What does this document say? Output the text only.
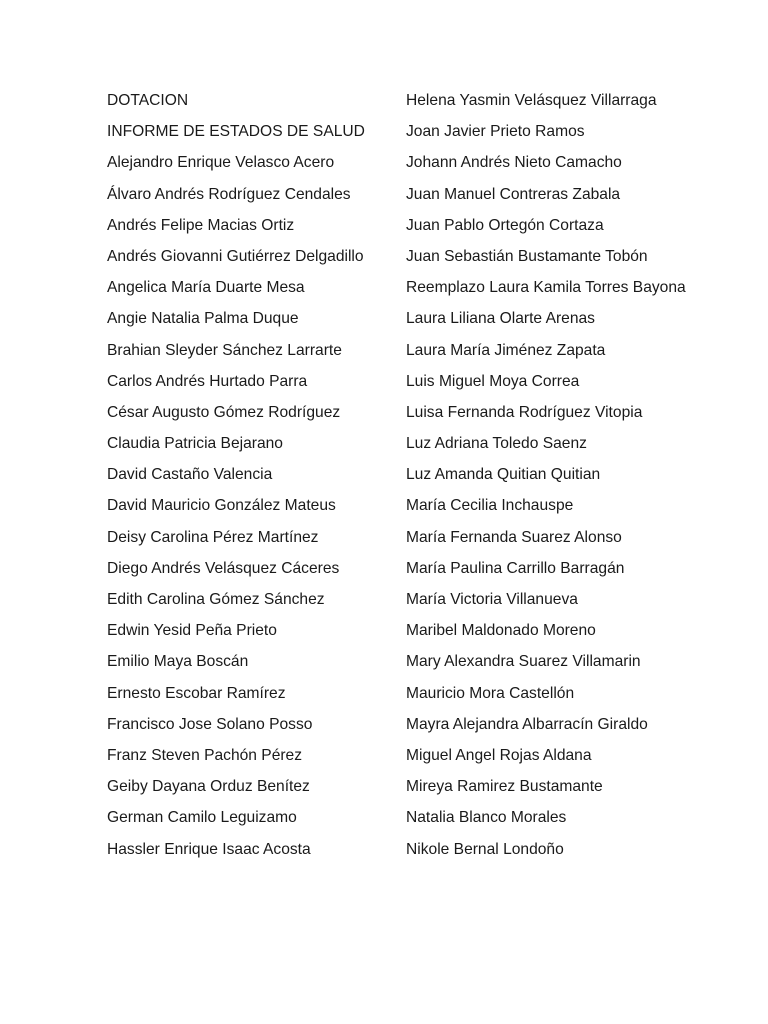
DOTACION
INFORME DE ESTADOS DE SALUD
Alejandro Enrique Velasco Acero
Álvaro Andrés Rodríguez Cendales
Andrés Felipe Macias Ortiz
Andrés Giovanni Gutiérrez Delgadillo
Angelica María Duarte Mesa
Angie Natalia Palma Duque
Brahian Sleyder Sánchez Larrarte
Carlos Andrés Hurtado Parra
César Augusto Gómez Rodríguez
Claudia Patricia Bejarano
David Castaño Valencia
David Mauricio González Mateus
Deisy Carolina Pérez Martínez
Diego Andrés Velásquez Cáceres
Edith Carolina Gómez Sánchez
Edwin Yesid Peña Prieto
Emilio Maya Boscán
Ernesto Escobar Ramírez
Francisco Jose Solano Posso
Franz Steven Pachón Pérez
Geiby Dayana Orduz Benítez
German Camilo Leguizamo
Hassler Enrique Isaac Acosta
Helena Yasmin Velásquez Villarraga
Joan Javier Prieto Ramos
Johann Andrés Nieto Camacho
Juan Manuel Contreras Zabala
Juan Pablo Ortegón Cortaza
Juan Sebastián Bustamante Tobón
Reemplazo Laura Kamila Torres Bayona
Laura Liliana Olarte Arenas
Laura María Jiménez Zapata
Luis Miguel Moya Correa
Luisa Fernanda Rodríguez Vitopia
Luz Adriana Toledo Saenz
Luz Amanda Quitian Quitian
María Cecilia Inchauspe
María Fernanda Suarez Alonso
María Paulina Carrillo Barragán
María Victoria Villanueva
Maribel Maldonado Moreno
Mary Alexandra Suarez Villamarin
Mauricio Mora Castellón
Mayra Alejandra Albarracín Giraldo
Miguel Angel Rojas Aldana
Mireya Ramirez Bustamante
Natalia Blanco Morales
Nikole Bernal Londoño
